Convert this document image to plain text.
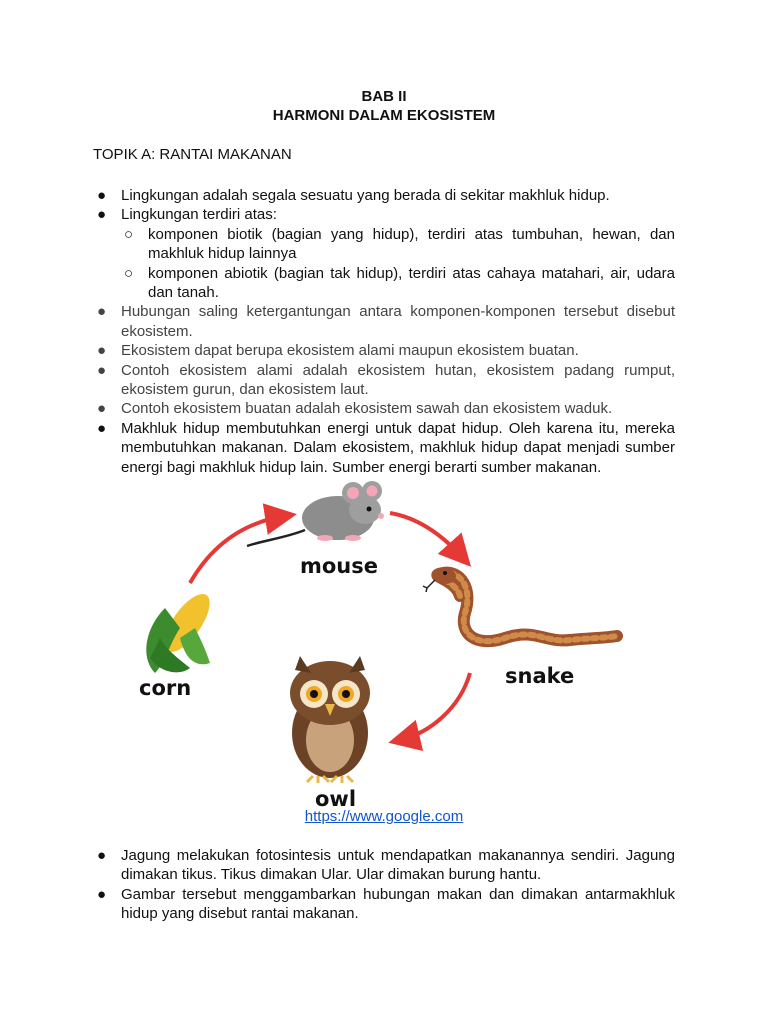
BAB II
HARMONI DALAM EKOSISTEM
TOPIK A: RANTAI MAKANAN
● Lingkungan adalah segala sesuatu yang berada di sekitar makhluk hidup.
● Lingkungan terdiri atas:
○ komponen biotik (bagian yang hidup), terdiri atas tumbuhan, hewan, dan makhluk hidup lainnya
○ komponen abiotik (bagian tak hidup), terdiri atas cahaya matahari, air, udara dan tanah.
● Hubungan saling ketergantungan antara komponen-komponen tersebut disebut ekosistem.
● Ekosistem dapat berupa ekosistem alami maupun ekosistem buatan.
● Contoh ekosistem alami adalah ekosistem hutan, ekosistem padang rumput, ekosistem gurun, dan ekosistem laut.
● Contoh ekosistem buatan adalah ekosistem sawah dan ekosistem waduk.
● Makhluk hidup membutuhkan energi untuk dapat hidup. Oleh karena itu, mereka membutuhkan makanan. Dalam ekosistem, makhluk hidup dapat menjadi sumber energi bagi makhluk hidup lain. Sumber energi berarti sumber makanan.
mouse
snake
corn
owl
https://www.google.com
● Jagung melakukan fotosintesis untuk mendapatkan makanannya sendiri. Jagung dimakan tikus. Tikus dimakan Ular. Ular dimakan burung hantu.
● Gambar tersebut menggambarkan hubungan makan dan dimakan antarmakhluk hidup yang disebut rantai makanan.
